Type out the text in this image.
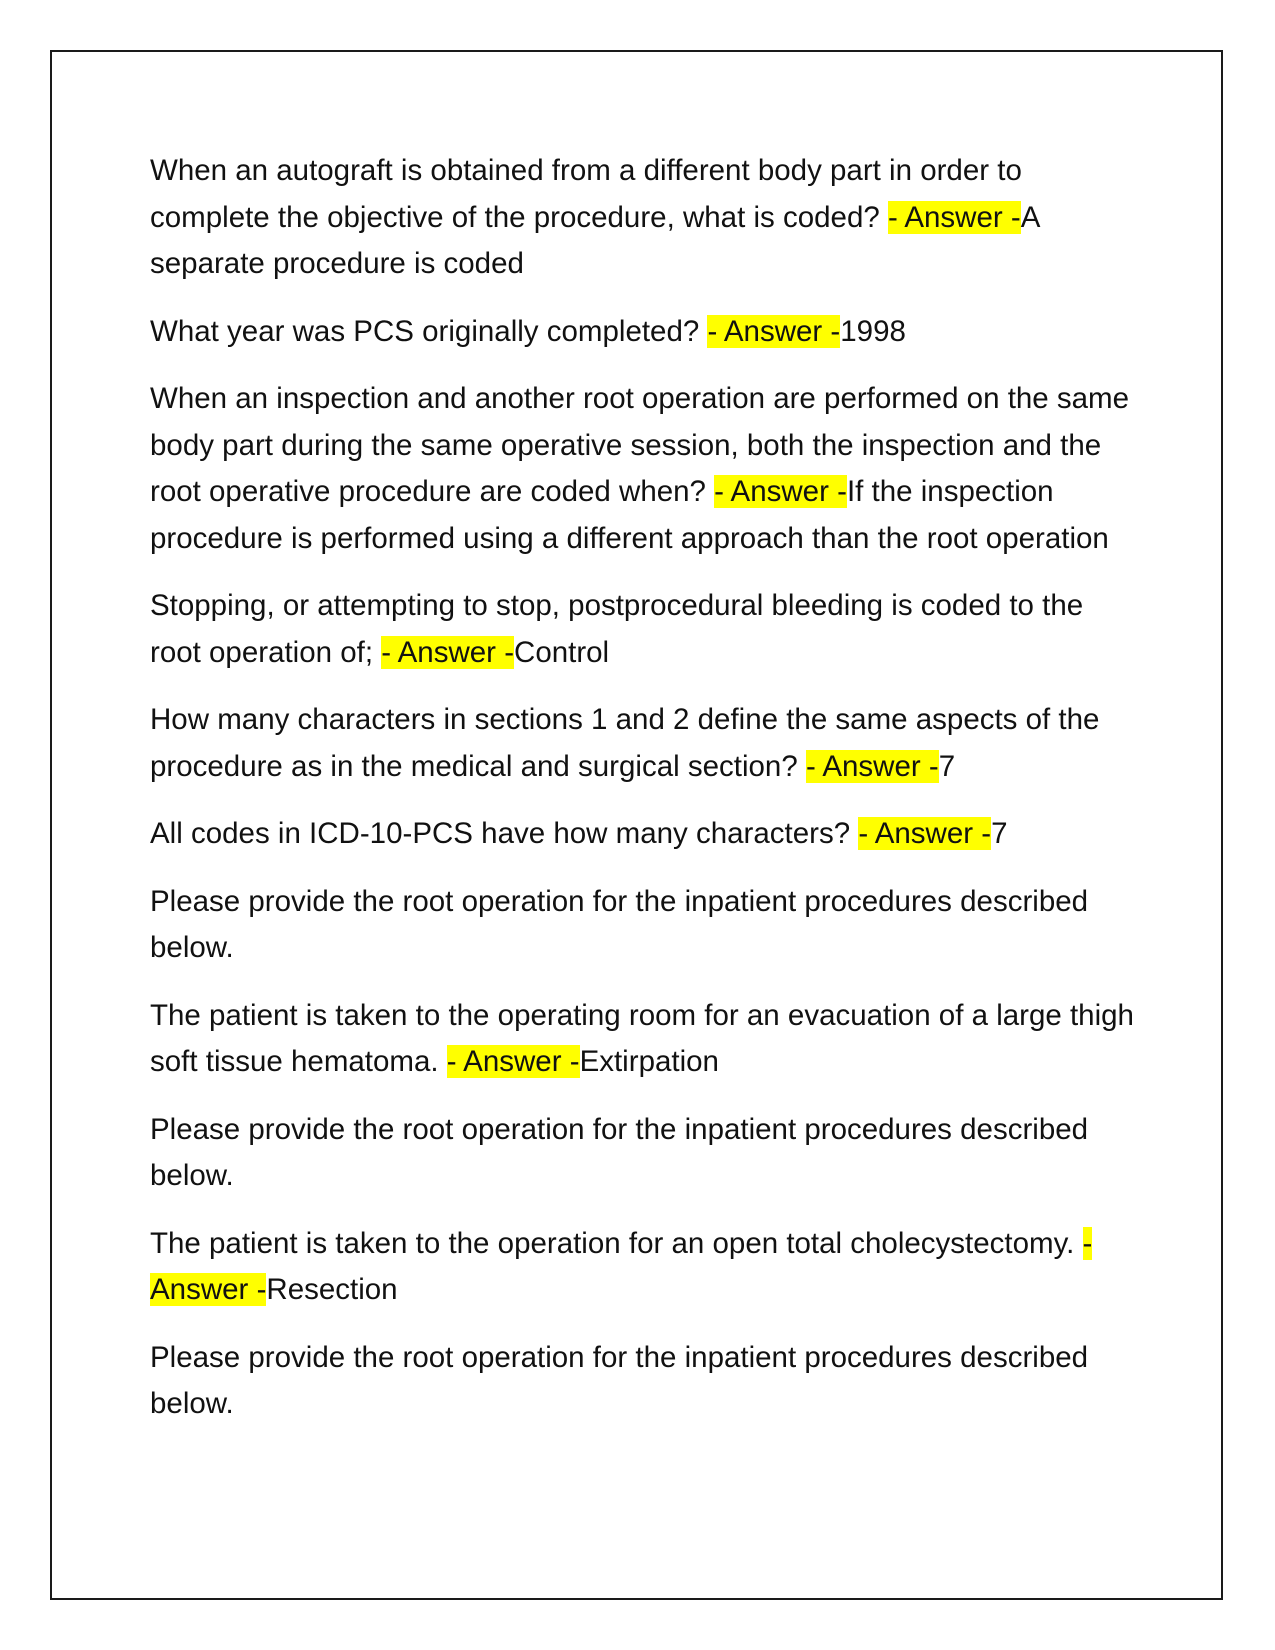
When an autograft is obtained from a different body part in order to complete the objective of the procedure, what is coded? - Answer -A separate procedure is coded

What year was PCS originally completed? - Answer -1998

When an inspection and another root operation are performed on the same body part during the same operative session, both the inspection and the root operative procedure are coded when? - Answer -If the inspection procedure is performed using a different approach than the root operation

Stopping, or attempting to stop, postprocedural bleeding is coded to the root operation of; - Answer -Control

How many characters in sections 1 and 2 define the same aspects of the procedure as in the medical and surgical section? - Answer -7

All codes in ICD-10-PCS have how many characters? - Answer -7

Please provide the root operation for the inpatient procedures described below.

The patient is taken to the operating room for an evacuation of a large thigh soft tissue hematoma. - Answer -Extirpation

Please provide the root operation for the inpatient procedures described below.

The patient is taken to the operation for an open total cholecystectomy. - Answer -Resection

Please provide the root operation for the inpatient procedures described below.
